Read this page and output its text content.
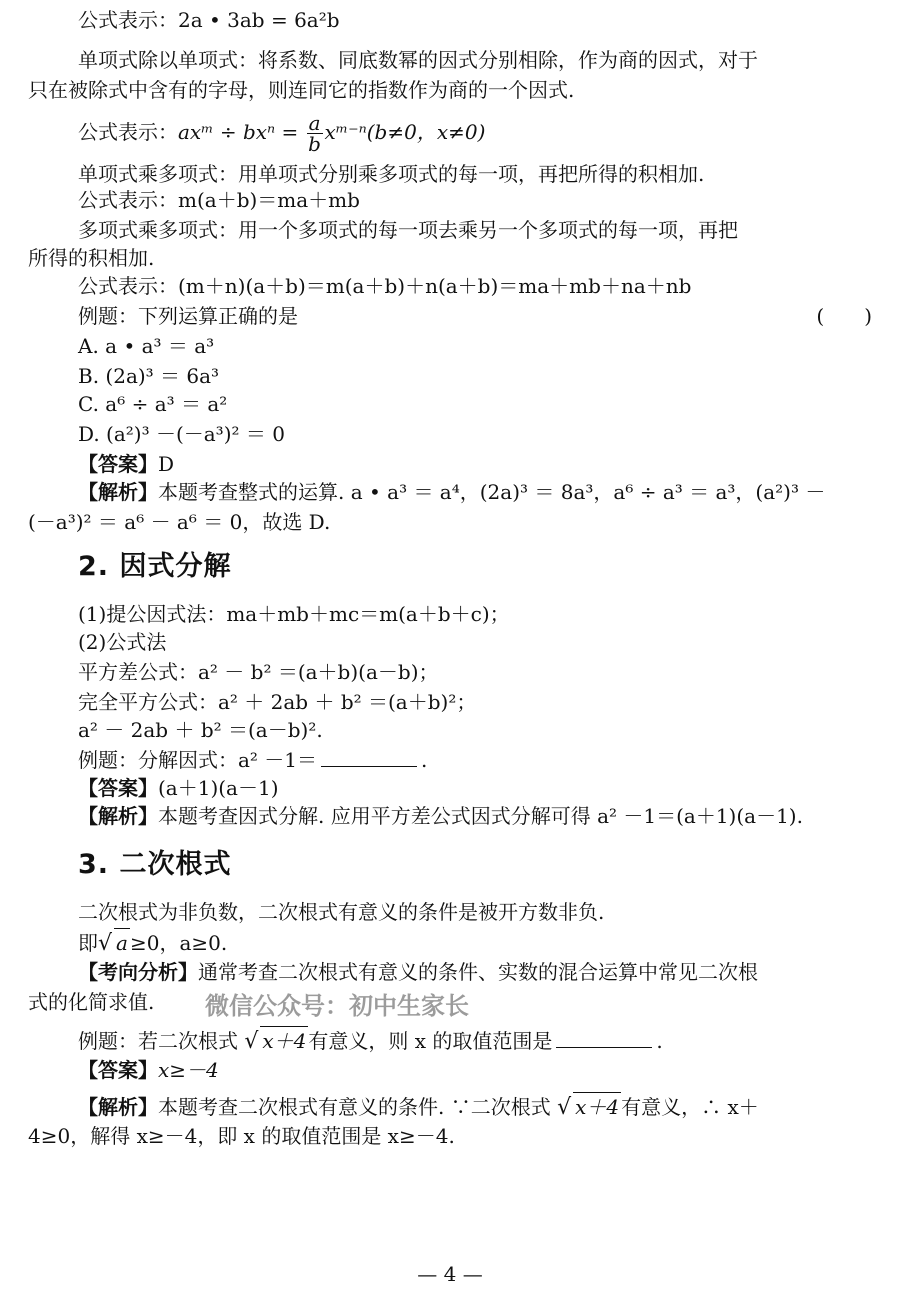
公式表示：2a • 3ab = 6a²b
单项式除以单项式：将系数、同底数幂的因式分别相除，作为商的因式，对于
只在被除式中含有的字母，则连同它的指数作为商的一个因式.
公式表示：axᵐ ÷ $bx^n = \frac{a}{b}$ xᵐ⁻ⁿ(b≠0，x≠0)
单项式乘多项式：用单项式分别乘多项式的每一项，再把所得的积相加.
公式表示：m(a＋b)＝ma＋mb
多项式乘多项式：用一个多项式的每一项去乘另一个多项式的每一项，再把
所得的积相加.
公式表示：(m＋n)(a＋b)＝m(a＋b)＋n(a＋b)＝ma＋mb＋na＋nb
例题：下列运算正确的是	(　　)
A. a • a³ ＝ a³
B. (2a)³ ＝ 6a³
C. a⁶ ÷ a³ ＝ a²
D. (a²)³ －(－a³)² ＝ 0
【答案】D
【解析】本题考查整式的运算. a • a³ ＝ a⁴，(2a)³ ＝ 8a³，a⁶ ÷ a³ ＝ a³，(a²)³ －
(－a³)² ＝ a⁶ － a⁶ ＝ 0，故选 D.
2. 因式分解
(1)提公因式法：ma＋mb＋mc＝m(a＋b＋c)；
(2)公式法
平方差公式：a² － b² ＝(a＋b)(a－b)；
完全平方公式：a² ＋ 2ab ＋ b² ＝(a＋b)²；
a² － 2ab ＋ b² ＝(a－b)².
例题：分解因式：a² －1＝	.
【答案】(a＋1)(a－1)
【解析】本题考查因式分解. 应用平方差公式因式分解可得 a² －1＝(a＋1)(a－1).
3. 二次根式
二次根式为非负数，二次根式有意义的条件是被开方数非负.
即√ a ≥0，a≥0.
【考向分析】通常考查二次根式有意义的条件、实数的混合运算中常见二次根
式的化简求值.	微信公众号：初中生家长
例题：若二次根式 √ x＋4 有意义，则 x 的取值范围是	.
【答案】x≥－4
【解析】本题考查二次根式有意义的条件. ∵二次根式 √ x＋4 有意义，∴ x＋
4≥0，解得 x≥－4，即 x 的取值范围是 x≥－4.
— 4 —
